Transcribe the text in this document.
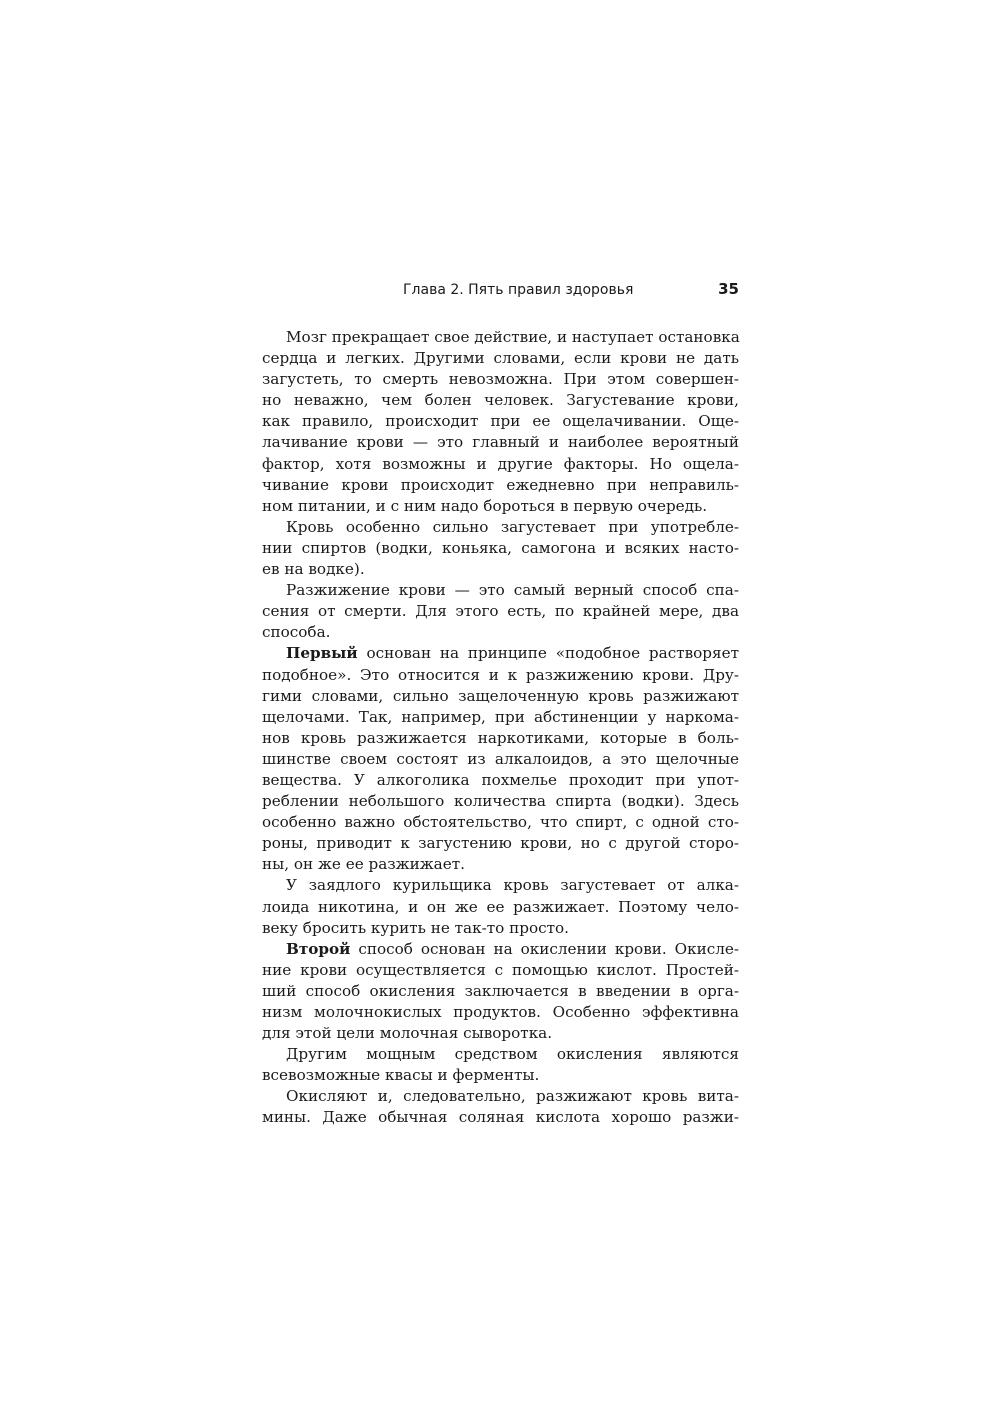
Глава 2. Пять правил здоровья	35
Мозг прекращает свое действие, и наступает остановка
сердца и легких. Другими словами, если крови не дать
загустеть, то смерть невозможна. При этом совершен-
но неважно, чем болен человек. Загустевание крови,
как правило, происходит при ее ощелачивании. Още-
лачивание крови — это главный и наиболее вероятный
фактор, хотя возможны и другие факторы. Но ощела-
чивание крови происходит ежедневно при неправиль-
ном питании, и с ним надо бороться в первую очередь.
Кровь особенно сильно загустевает при употребле-
нии спиртов (водки, коньяка, самогона и всяких насто-
ев на водке).
Разжижение крови — это самый верный способ спа-
сения от смерти. Для этого есть, по крайней мере, два
способа.
Первый основан на принципе «подобное растворяет
подобное». Это относится и к разжижению крови. Дру-
гими словами, сильно защелоченную кровь разжижают
щелочами. Так, например, при абстиненции у наркома-
нов кровь разжижается наркотиками, которые в боль-
шинстве своем состоят из алкалоидов, а это щелочные
вещества. У алкоголика похмелье проходит при упот-
реблении небольшого количества спирта (водки). Здесь
особенно важно обстоятельство, что спирт, с одной сто-
роны, приводит к загустению крови, но с другой сторо-
ны, он же ее разжижает.
У заядлого курильщика кровь загустевает от алка-
лоида никотина, и он же ее разжижает. Поэтому чело-
веку бросить курить не так-то просто.
Второй способ основан на окислении крови. Окисле-
ние крови осуществляется с помощью кислот. Простей-
ший способ окисления заключается в введении в орга-
низм молочнокислых продуктов. Особенно эффективна
для этой цели молочная сыворотка.
Другим мощным средством окисления являются
всевозможные квасы и ферменты.
Окисляют и, следовательно, разжижают кровь вита-
мины. Даже обычная соляная кислота хорошо разжи-
